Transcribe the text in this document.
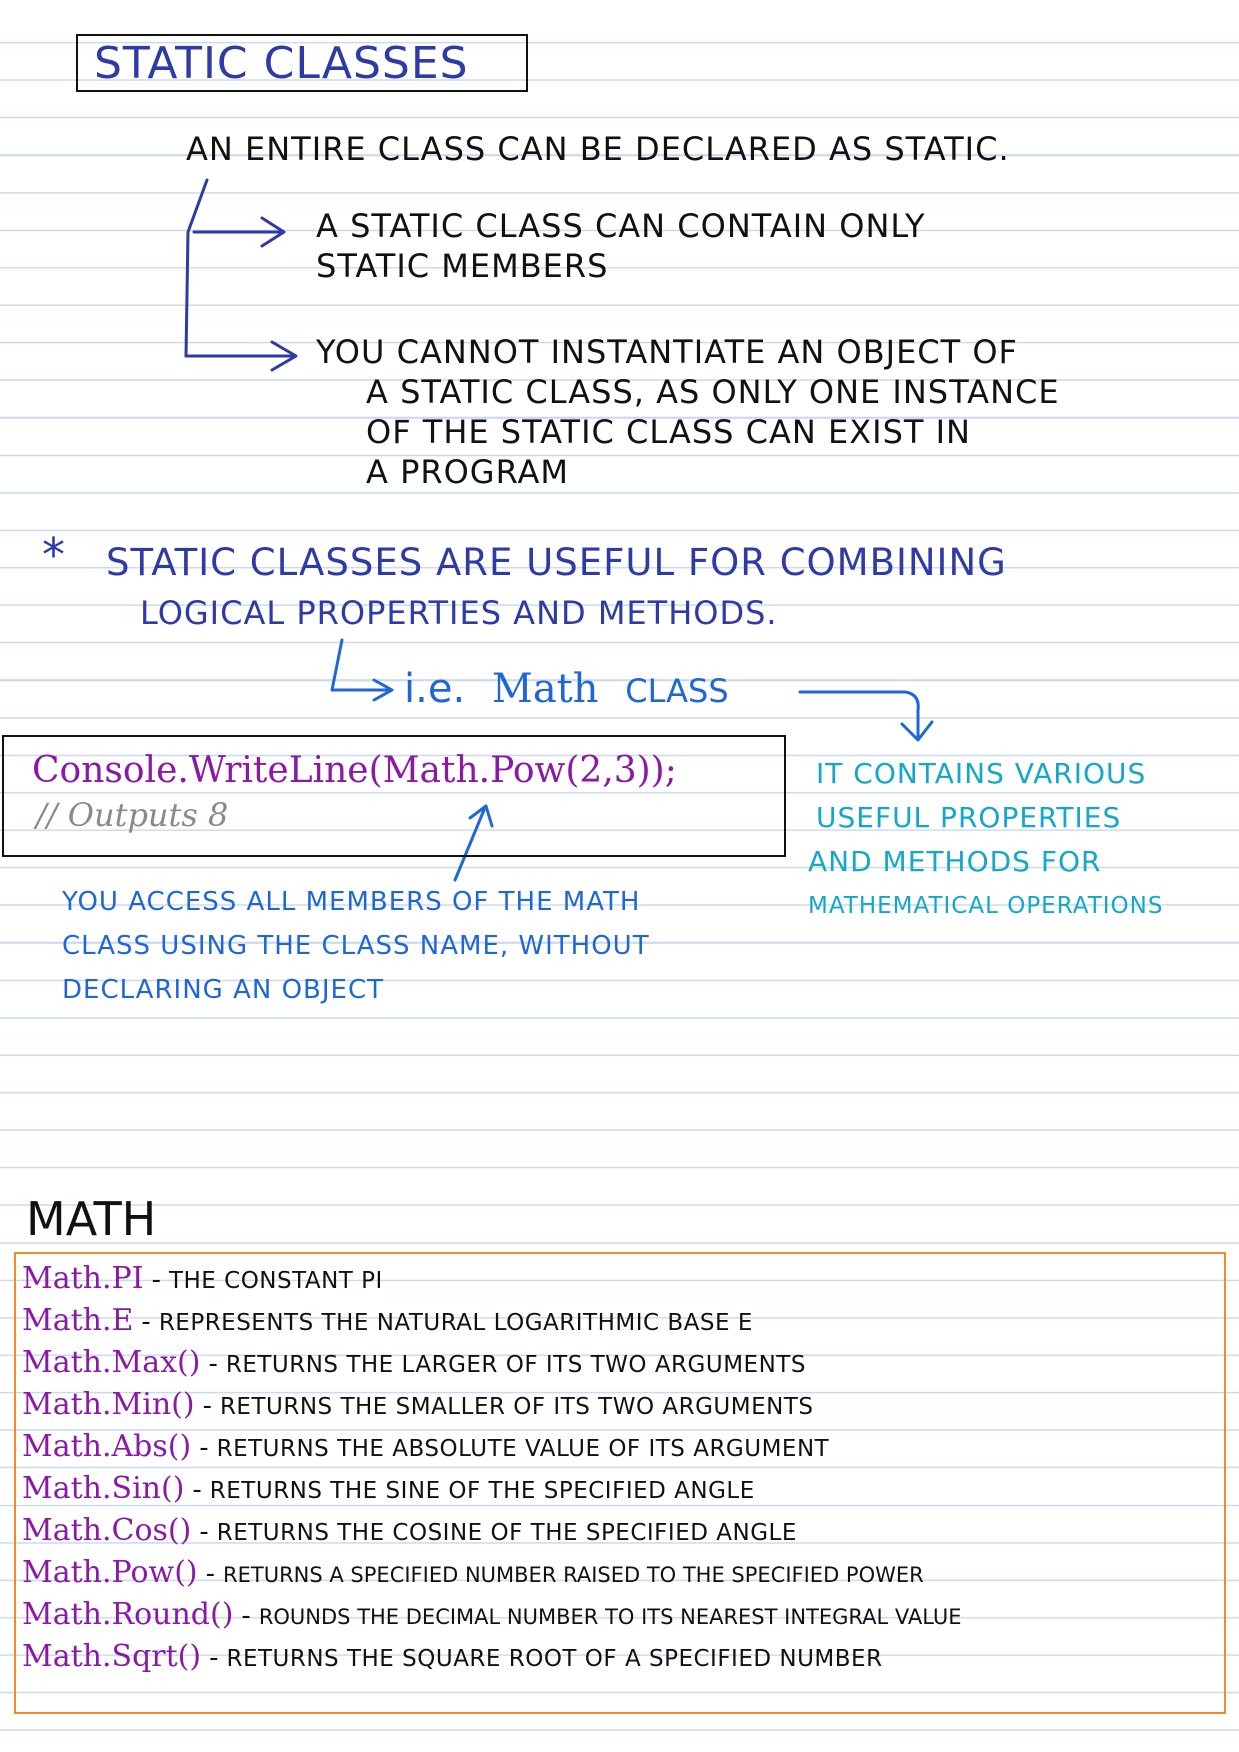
STATIC CLASSES
AN ENTIRE CLASS CAN BE DECLARED AS STATIC.
A STATIC CLASS CAN CONTAIN ONLY
STATIC MEMBERS
YOU CANNOT INSTANTIATE AN OBJECT OF
A STATIC CLASS, AS ONLY ONE INSTANCE
OF THE STATIC CLASS CAN EXIST IN
A PROGRAM
* STATIC CLASSES ARE USEFUL FOR COMBINING
LOGICAL PROPERTIES AND METHODS.
i.e. Math CLASS
Console.WriteLine(Math.Pow(2,3));
// Outputs 8
IT CONTAINS VARIOUS
USEFUL PROPERTIES
AND METHODS FOR
MATHEMATICAL OPERATIONS
YOU ACCESS ALL MEMBERS OF THE MATH
CLASS USING THE CLASS NAME, WITHOUT
DECLARING AN OBJECT
MATH
Math.PI - THE CONSTANT PI
Math.E - REPRESENTS THE NATURAL LOGARITHMIC BASE E
Math.Max() - RETURNS THE LARGER OF ITS TWO ARGUMENTS
Math.Min() - RETURNS THE SMALLER OF ITS TWO ARGUMENTS
Math.Abs() - RETURNS THE ABSOLUTE VALUE OF ITS ARGUMENT
Math.Sin() - RETURNS THE SINE OF THE SPECIFIED ANGLE
Math.Cos() - RETURNS THE COSINE OF THE SPECIFIED ANGLE
Math.Pow() - RETURNS A SPECIFIED NUMBER RAISED TO THE SPECIFIED POWER
Math.Round() - ROUNDS THE DECIMAL NUMBER TO ITS NEAREST INTEGRAL VALUE
Math.Sqrt() - RETURNS THE SQUARE ROOT OF A SPECIFIED NUMBER
